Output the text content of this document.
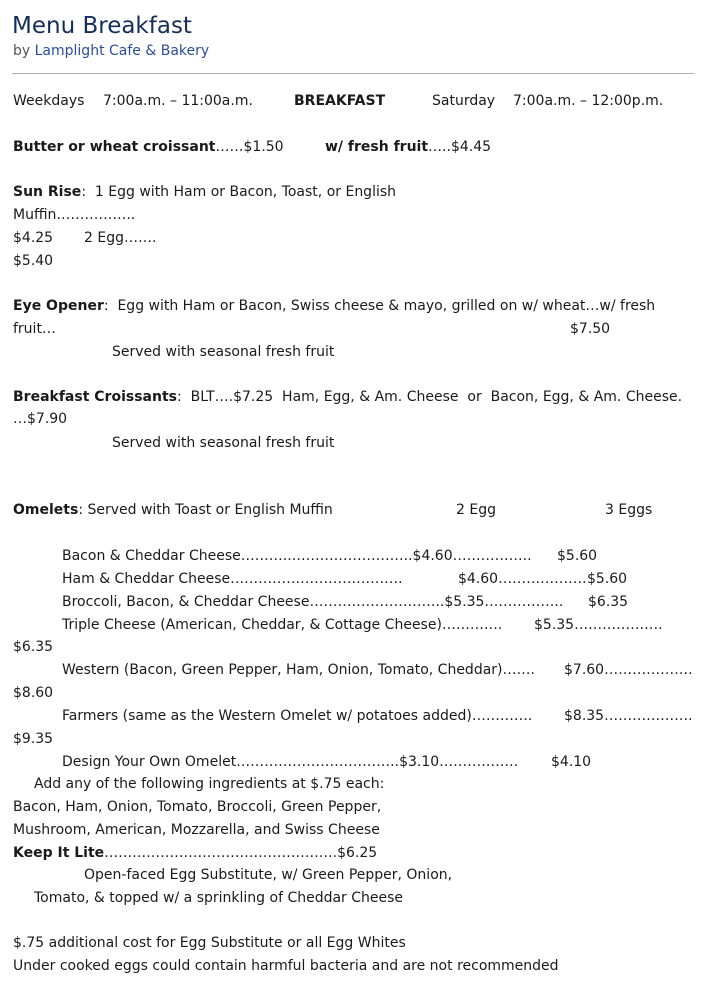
Menu Breakfast
by Lamplight Cafe & Bakery
Weekdays 7:00a.m. – 11:00a.m.	BREAKFAST	Saturday 7:00a.m. – 12:00p.m.
Butter or wheat croissant……$1.50	w/ fresh fruit…..$4.45
Sun Rise:  1 Egg with Ham or Bacon, Toast, or English
Muffin……………..
$4.25 2 Egg…….
$5.40
Eye Opener:  Egg with Ham or Bacon, Swiss cheese & mayo, grilled on w/ wheat…w/ fresh
fruit…	$7.50
Served with seasonal fresh fruit
Breakfast Croissants:  BLT….$7.25  Ham, Egg, & Am. Cheese  or  Bacon, Egg, & Am. Cheese.
…$7.90
Served with seasonal fresh fruit
Omelets: Served with Toast or English Muffin	2 Egg	3 Eggs
Bacon & Cheddar Cheese………..……………………..$4.60…………….. $5.60
Ham & Cheddar Cheese……………………………….	$4.60………………. $5.60
Broccoli, Bacon, & Cheddar Cheese………………………..$5.35…………….. $6.35
Triple Cheese (American, Cheddar, & Cottage Cheese)…………. $5.35……………….
$6.35
Western (Bacon, Green Pepper, Ham, Onion, Tomato, Cheddar)……. $7.60……………….
$8.60
Farmers (same as the Western Omelet w/ potatoes added)…………. $8.35……………….
$9.35
Design Your Own Omelet……………………………..$3.10…………….. $4.10
Add any of the following ingredients at $.75 each:
Bacon, Ham, Onion, Tomato, Broccoli, Green Pepper,
Mushroom, American, Mozzarella, and Swiss Cheese
Keep It Lite…………………………………………..$6.25
Open-faced Egg Substitute, w/ Green Pepper, Onion,
Tomato, & topped w/ a sprinkling of Cheddar Cheese
$.75 additional cost for Egg Substitute or all Egg Whites
Under cooked eggs could contain harmful bacteria and are not recommended
